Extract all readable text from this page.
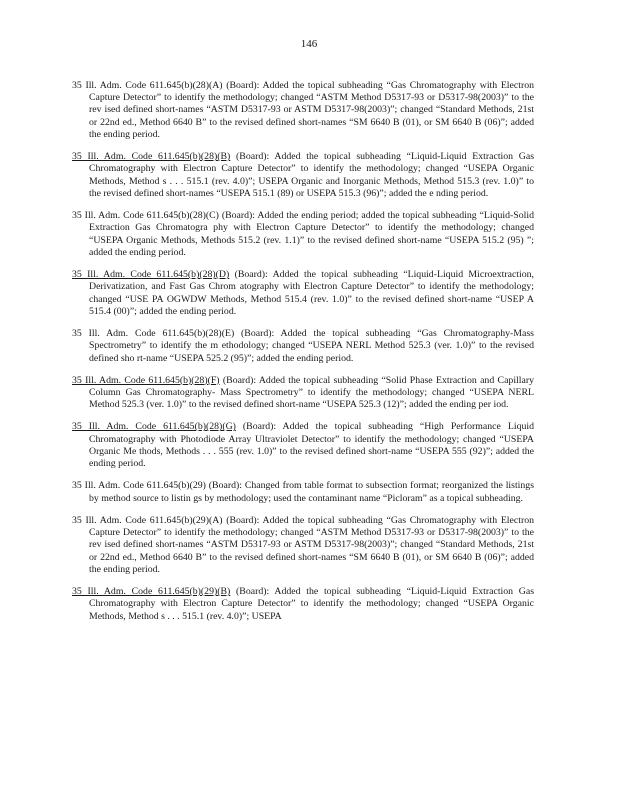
146

35 Ill. Adm. Code 611.645(b)(28)(A) (Board): Added the topical subheading “Gas Chromatography with Electron Capture Detector” to identify the methodology; changed “ASTM Method D5317-93 or D5317-98(2003)” to the rev ised defined short-names “ASTM D5317-93 or ASTM D5317-98(2003)”; changed “Standard Methods, 21st or 22nd ed., Method 6640 B” to the revised defined short-names “SM 6640 B (01), or SM 6640 B (06)”; added the ending period.

35 Ill. Adm. Code 611.645(b)(28)(B) (Board): Added the topical subheading “Liquid-Liquid Extraction Gas Chromatography with Electron Capture Detector” to identify the methodology; changed “USEPA Organic Methods, Method s . . . 515.1 (rev. 4.0)”; USEPA Organic and Inorganic Methods, Method 515.3 (rev. 1.0)” to the revised defined short-names “USEPA 515.1 (89) or USEPA 515.3 (96)”; added the e nding period.

35 Ill. Adm. Code 611.645(b)(28)(C) (Board): Added the ending period; added the topical subheading “Liquid-Solid Extraction Gas Chromatogra phy with Electron Capture Detector” to identify the methodology; changed “USEPA Organic Methods, Methods 515.2 (rev. 1.1)” to the revised defined short-name “USEPA 515.2 (95) ”; added the ending period.

35 Ill. Adm. Code 611.645(b)(28)(D) (Board): Added the topical subheading “Liquid-Liquid Microextraction, Derivatization, and Fast Gas Chrom atography with Electron Capture Detector” to identify the methodology; changed “USE PA OGWDW Methods, Method 515.4 (rev. 1.0)” to the revised defined short-name “USEP A 515.4 (00)”; added the ending period.

35 Ill. Adm. Code 611.645(b)(28)(E) (Board): Added the topical subheading “Gas Chromatography-Mass Spectrometry” to identify the m ethodology; changed “USEPA NERL Method 525.3 (ver. 1.0)” to the revised defined sho rt-name “USEPA 525.2 (95)”; added the ending period.

35 Ill. Adm. Code 611.645(b)(28)(F) (Board): Added the topical subheading “Solid Phase Extraction and Capillary Column Gas Chromatography- Mass Spectrometry” to identify the methodology; changed “USEPA NERL Method 525.3 (ver. 1.0)” to the revised defined short-name “USEPA 525.3 (12)”; added the ending per iod.

35 Ill. Adm. Code 611.645(b)(28)(G) (Board): Added the topical subheading “High Performance Liquid Chromatography with Photodiode Array Ultraviolet Detector” to identify the methodology; changed “USEPA Organic Me thods, Methods . . . 555 (rev. 1.0)” to the revised defined short-name “USEPA 555 (92)”; added the ending period.

35 Ill. Adm. Code 611.645(b)(29) (Board): Changed from table format to subsection format; reorganized the listings by method source to listin gs by methodology; used the contaminant name “Picloram” as a topical subheading.

35 Ill. Adm. Code 611.645(b)(29)(A) (Board): Added the topical subheading “Gas Chromatography with Electron Capture Detector” to identify the methodology; changed “ASTM Method D5317-93 or D5317-98(2003)” to the rev ised defined short-names “ASTM D5317-93 or ASTM D5317-98(2003)”; changed “Standard Methods, 21st or 22nd ed., Method 6640 B” to the revised defined short-names “SM 6640 B (01), or SM 6640 B (06)”; added the ending period.

35 Ill. Adm. Code 611.645(b)(29)(B) (Board): Added the topical subheading “Liquid-Liquid Extraction Gas Chromatography with Electron Capture Detector” to identify the methodology; changed “USEPA Organic Methods, Method s . . . 515.1 (rev. 4.0)”; USEPA
